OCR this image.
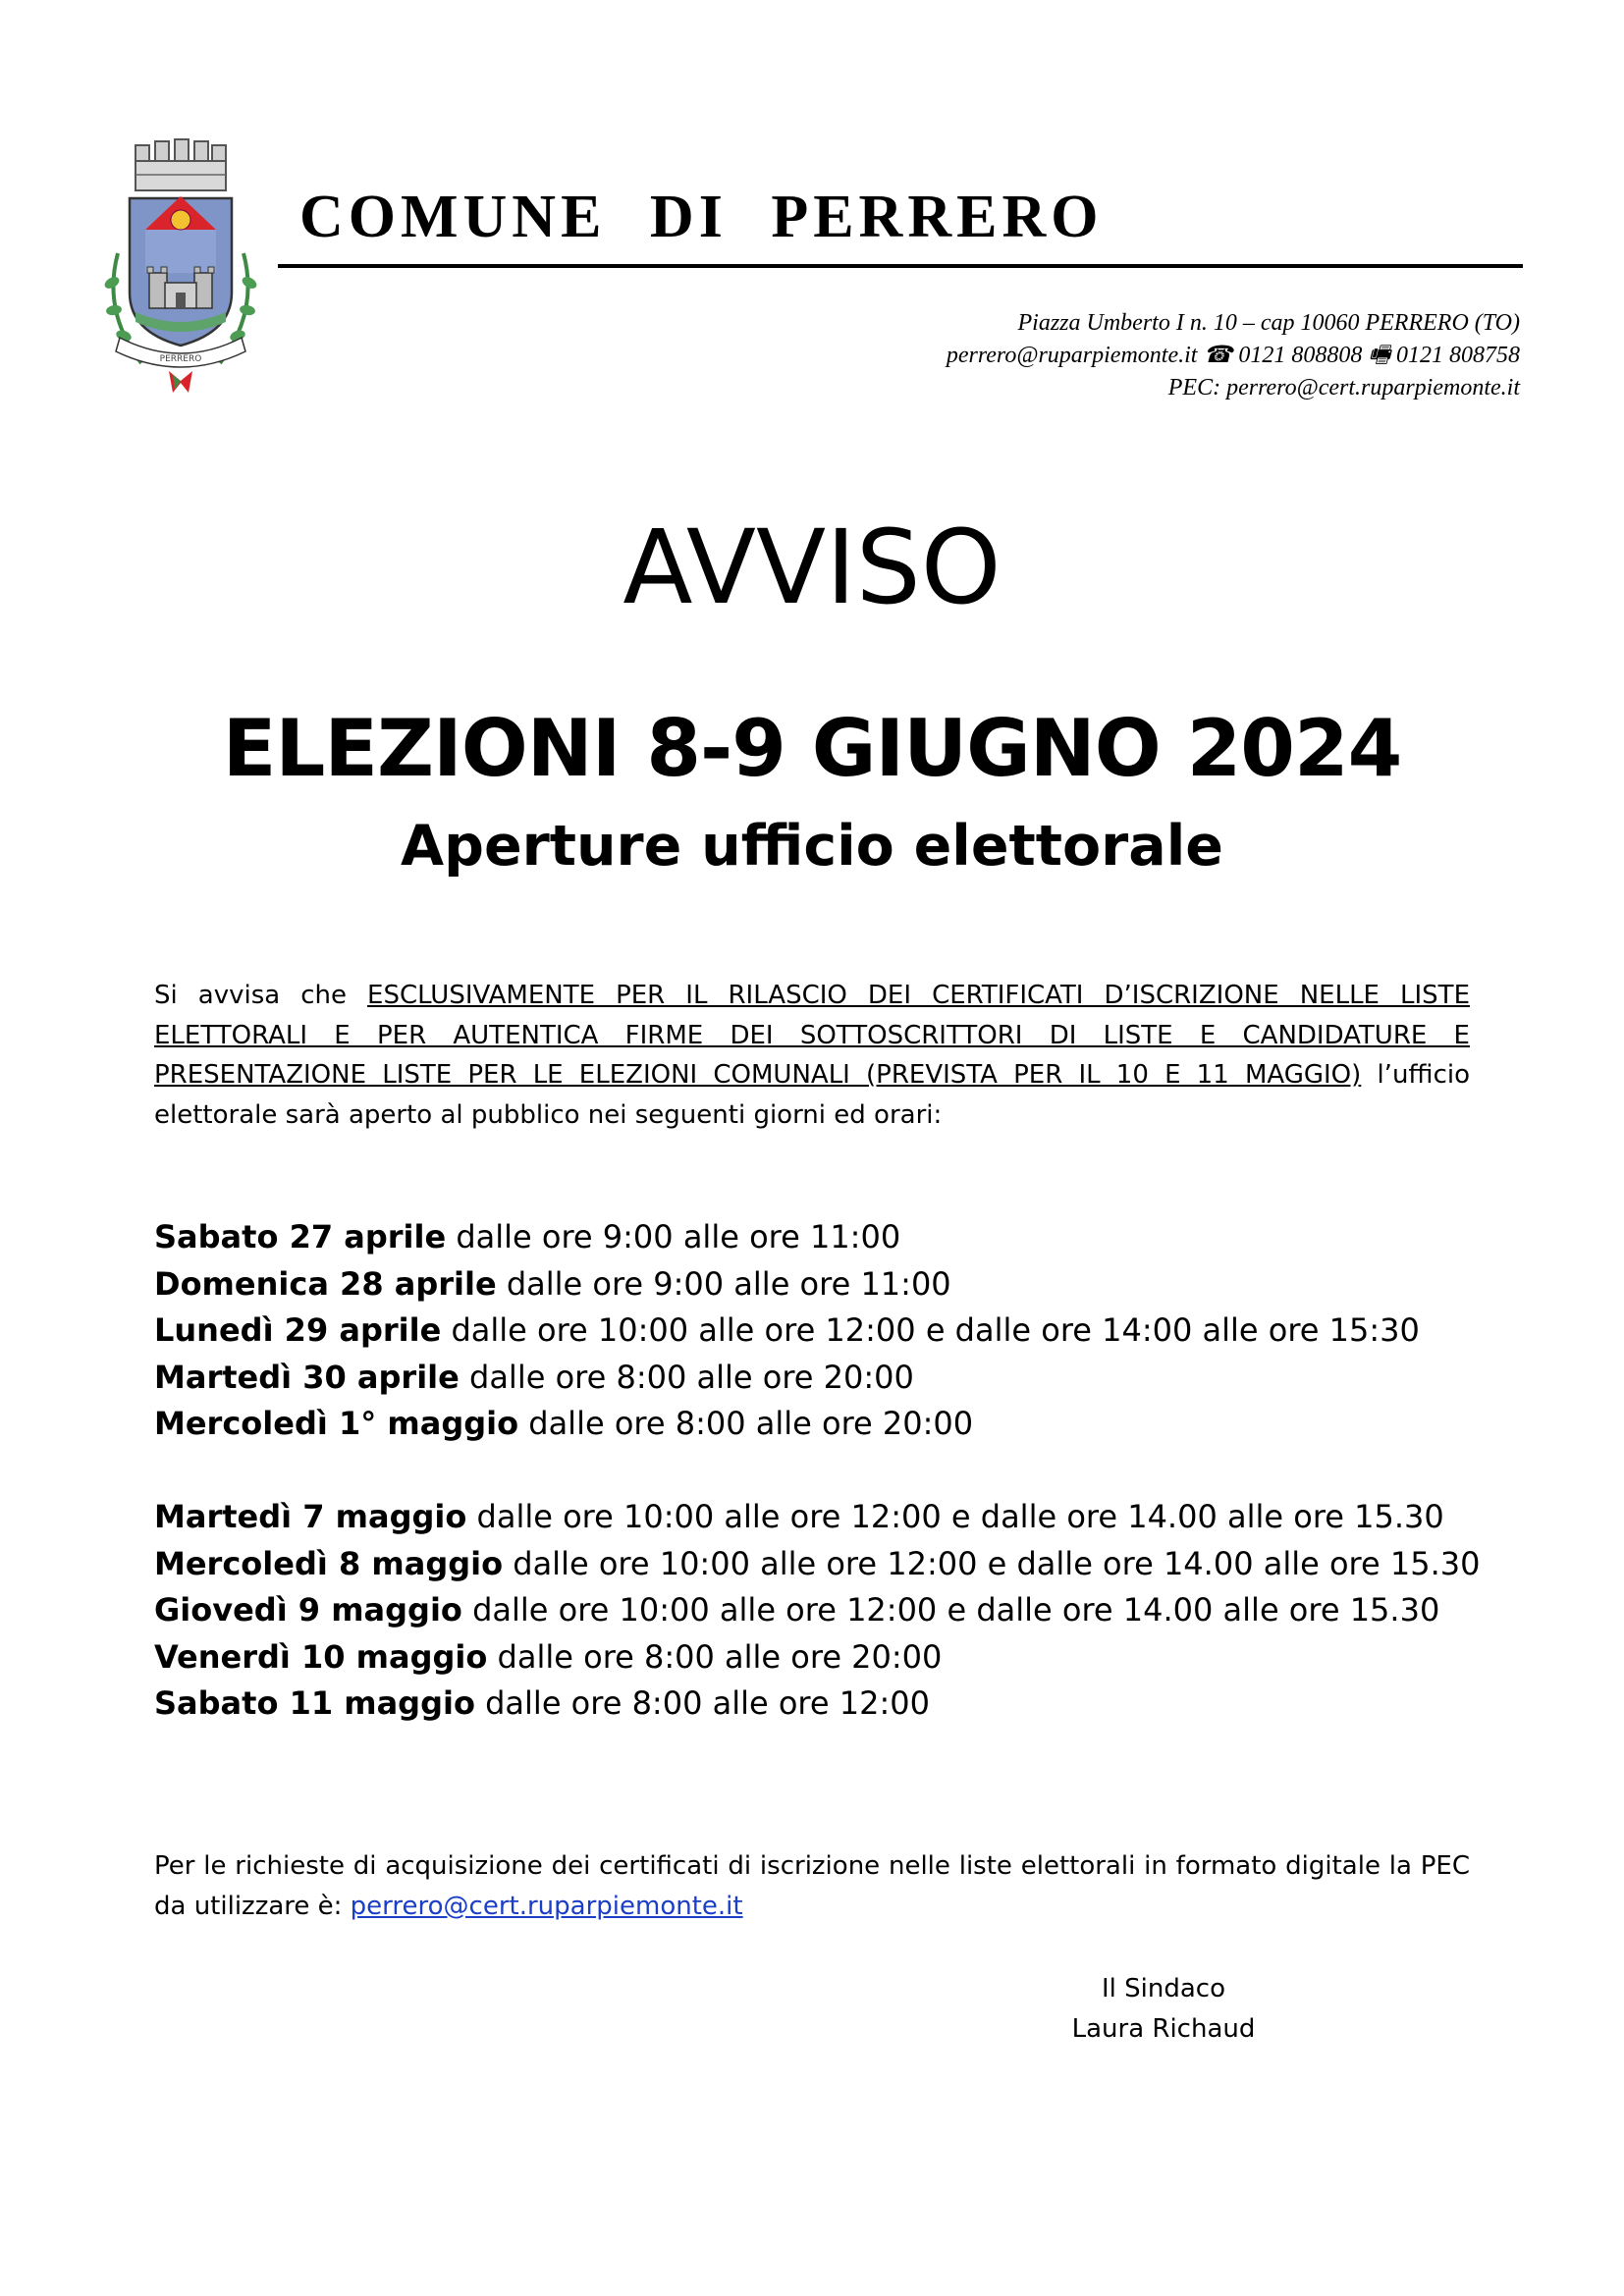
PERRERO
COMUNE DI PERRERO
Piazza Umberto I n. 10 – cap 10060 PERRERO (TO)
perrero@ruparpiemonte.it ☎ 0121 808808 🖷 0121 808758
PEC: perrero@cert.ruparpiemonte.it
AVVISO
ELEZIONI 8-9 GIUGNO 2024
Aperture ufficio elettorale
Si avvisa che ESCLUSIVAMENTE PER IL RILASCIO DEI CERTIFICATI D’ISCRIZIONE NELLE LISTE ELETTORALI E PER AUTENTICA FIRME DEI SOTTOSCRITTORI DI LISTE E CANDIDATURE E PRESENTAZIONE LISTE PER LE ELEZIONI COMUNALI (PREVISTA PER IL 10 E 11 MAGGIO) l’ufficio elettorale sarà aperto al pubblico nei seguenti giorni ed orari:
Sabato 27 aprile dalle ore 9:00 alle ore 11:00
Domenica 28 aprile dalle ore 9:00 alle ore 11:00
Lunedì 29 aprile dalle ore 10:00 alle ore 12:00 e dalle ore 14:00 alle ore 15:30
Martedì 30 aprile dalle ore 8:00 alle ore 20:00
Mercoledì 1° maggio dalle ore 8:00 alle ore 20:00
Martedì 7 maggio dalle ore 10:00 alle ore 12:00 e dalle ore 14.00 alle ore 15.30
Mercoledì 8 maggio dalle ore 10:00 alle ore 12:00 e dalle ore 14.00 alle ore 15.30
Giovedì 9 maggio dalle ore 10:00 alle ore 12:00 e dalle ore 14.00 alle ore 15.30
Venerdì 10 maggio dalle ore 8:00 alle ore 20:00
Sabato 11 maggio dalle ore 8:00 alle ore 12:00
Per le richieste di acquisizione dei certificati di iscrizione nelle liste elettorali in formato digitale la PEC da utilizzare è: perrero@cert.ruparpiemonte.it
Il Sindaco
Laura Richaud
